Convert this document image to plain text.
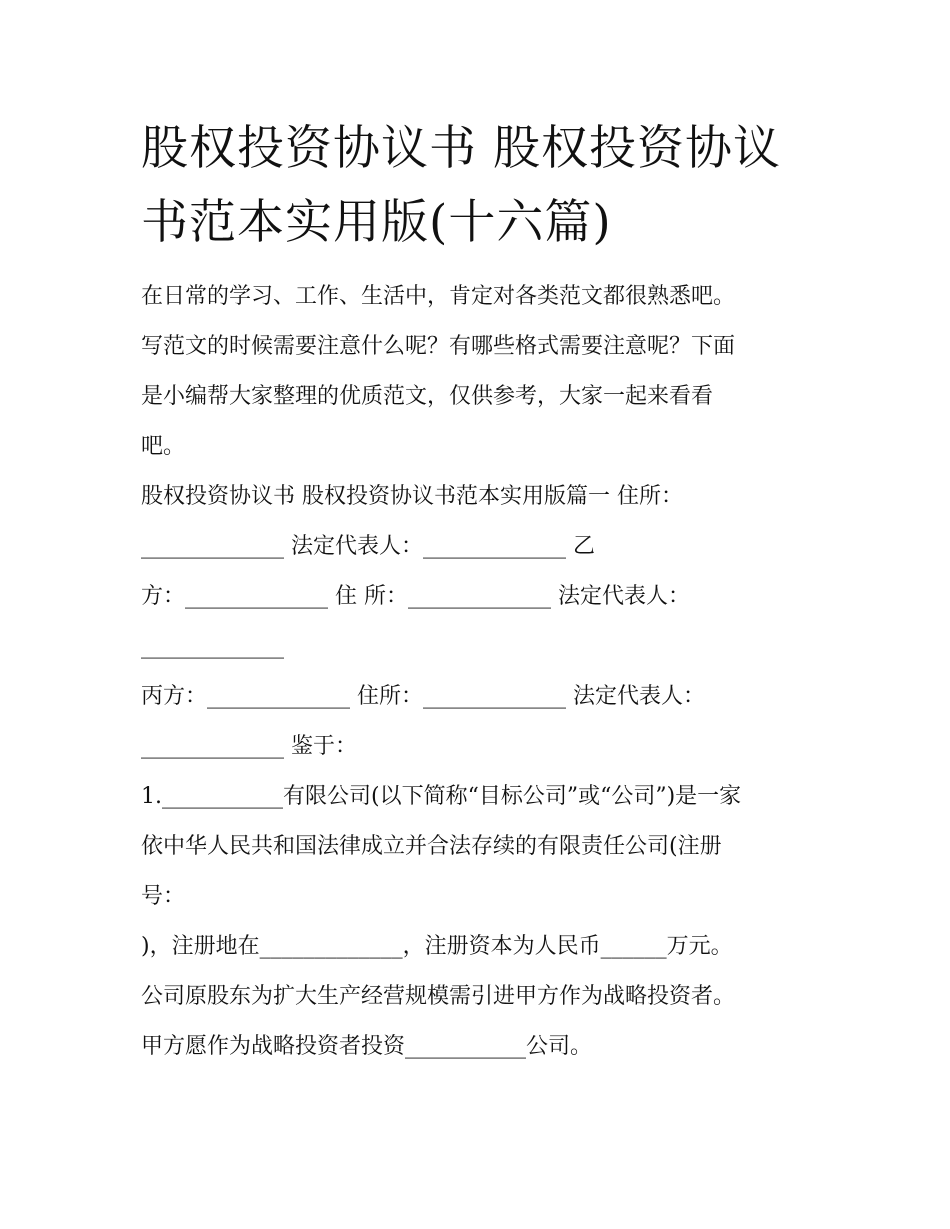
股权投资协议书 股权投资协议
书范本实用版(十六篇)

在日常的学习、工作、生活中，肯定对各类范文都很熟悉吧。

写范文的时候需要注意什么呢？有哪些格式需要注意呢？下面

是小编帮大家整理的优质范文，仅供参考，大家一起来看看

吧。

股权投资协议书 股权投资协议书范本实用版篇一 住所：

_____________ 法定代表人：_____________ 乙

方：_____________ 住 所：_____________ 法定代表人：

_____________

丙方：_____________ 住所：_____________ 法定代表人：

_____________ 鉴于：

1.___________有限公司(以下简称“目标公司”或“公司”)是一家

依中华人民共和国法律成立并合法存续的有限责任公司(注册

号：

)，注册地在_____________，注册资本为人民币______万元。

公司原股东为扩大生产经营规模需引进甲方作为战略投资者。

甲方愿作为战略投资者投资___________公司。
